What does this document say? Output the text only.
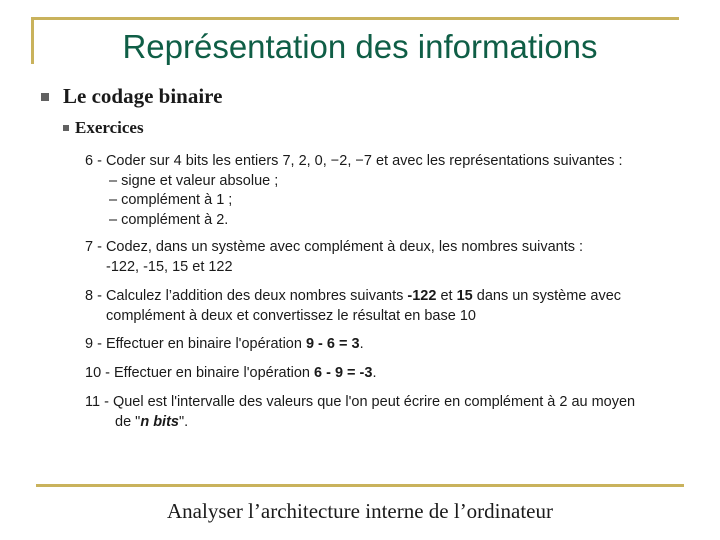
Représentation des informations
Le codage binaire
Exercices
6 - Coder sur 4 bits les entiers 7, 2, 0, −2, −7 et avec les représentations suivantes :
– signe et valeur absolue ;
– complément à 1 ;
– complément à 2.
7 - Codez, dans un système avec complément à deux, les nombres suivants :
-122, -15, 15 et 122
8 - Calculez l’addition des deux nombres suivants -122 et 15 dans un système avec
complément à deux et convertissez le résultat en base 10
9 - Effectuer en binaire l'opération 9 - 6 = 3.
10 - Effectuer en binaire l'opération 6 - 9 = -3.
11 - Quel est l'intervalle des valeurs que l'on peut écrire en complément à 2 au moyen
de "n bits".
Analyser l’architecture interne de l’ordinateur
